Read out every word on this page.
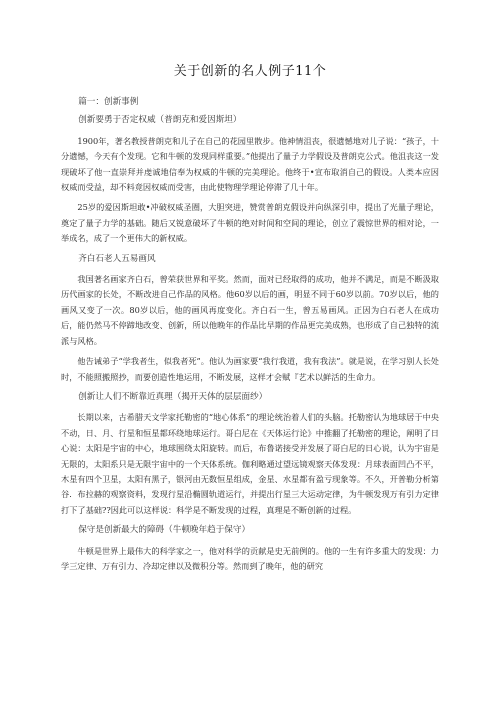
关于创新的名人例子11个

篇一：创新事例

创新要勇于否定权威（普朗克和爱因斯坦）

1900年，著名教授普朗克和儿子在自己的花园里散步。他神情沮丧，很遗憾地对儿子说：“孩子，十分遗憾，今天有个发现。它和牛顿的发现同样重要。”他提出了量子力学假设及普朗克公式。他沮丧这一发现破坏了他一直崇拜并虔诚地信奉为权威的牛顿的完美理论。他终于•宣布取消自己的假设。人类本应因权威而受益，却不料竟因权威而受害，由此使物理学理论停滞了几十年。

25岁的爱因斯坦敢•冲破权威圣圈，大胆突进，赞赏普朗克假设并向纵深引申，提出了光量子理论，奠定了量子力学的基础。随后又锐意破坏了牛顿的绝对时间和空间的理论，创立了震惊世界的相对论，一举成名，成了一个更伟大的新权威。

齐白石老人五易画风

我国著名画家齐白石，曾荣获世界和平奖。然而，面对已经取得的成功，他并不满足，而是不断汲取历代画家的长处，不断改进自己作品的风格。他60岁以后的画，明显不同于60岁以前。70岁以后，他的画风又变了一次。80岁以后，他的画风再度变化。齐白石一生，曾五易画风。正因为白石老人在成功后，能仍然马不停蹄地改变、创新，所以他晚年的作品比早期的作品更完美成熟，也形成了自己独特的流派与风格。

他告诫弟子“学我者生，似我者死”。他认为画家要“我行我道，我有我法”。就是说，在学习别人长处时，不能照搬照抄，而要创造性地运用，不断发展，这样才会赋『艺术以鲜活的生命力。

创新让人们不断靠近真理（揭开天体的层层面纱）

长期以来，古希腊天文学家托勒密的“地心体系”的理论统治着人们的头脑。托勒密认为地球居于中央不动，日、月、行星和恒星都环绕地球运行。哥白尼在《天体运行论》中推翻了托勒密的理论，阐明了日心说：太阳是宇宙的中心，地球围绕太阳旋转。而后，布鲁诺接受并发展了哥白尼的日心说，认为宇宙是无限的，太阳系只是无限宇宙中的一个天体系统。伽利略通过望远镜观察天体发现：月球表面凹凸不平，木星有四个卫星，太阳有黑子，银河由无数恒星组成，金星、水星都有盈亏现象等。不久，开普勒分析第谷．布拉赫的观察资料，发现行星沿椭圆轨道运行，并提出行星三大运动定律，为牛顿发现万有引力定律打下了基础??因此可以这样说：科学是不断发现的过程，真理是不断创新的过程。

保守是创新最大的障碍（牛顿晚年趋于保守）

牛顿是世界上最伟大的科学家之一，他对科学的贡献是史无前例的。他的一生有许多重大的发现：力学三定律、万有引力、冷却定律以及微积分等。然而到了晚年，他的研究
